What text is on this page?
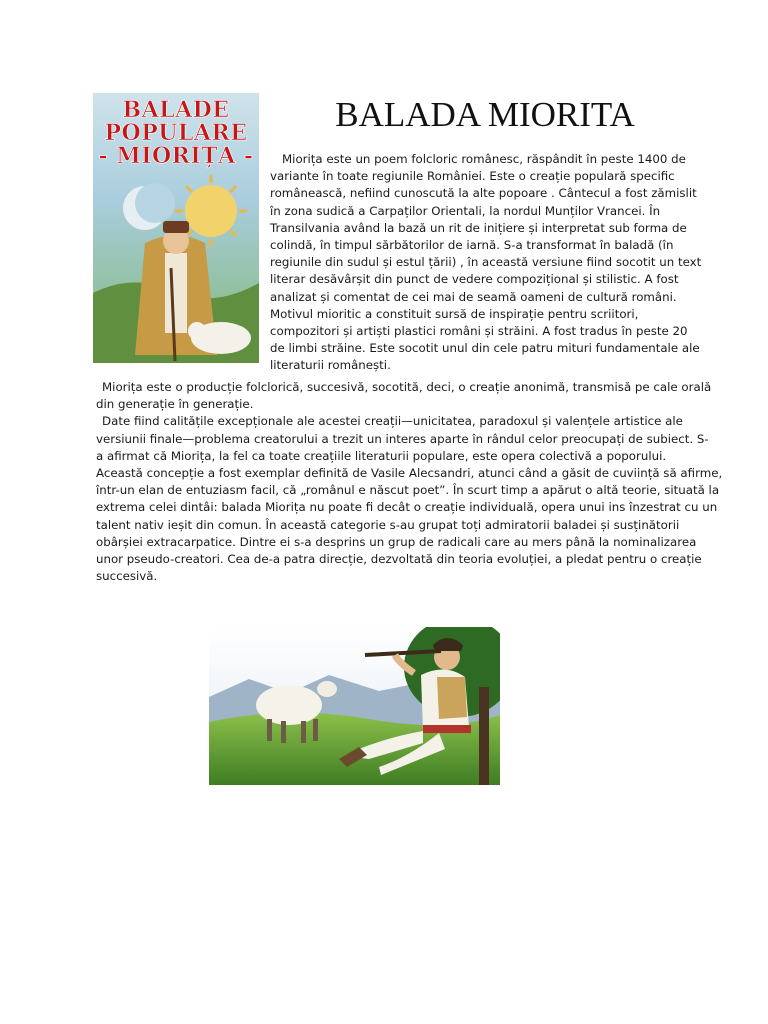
BALADE
POPULARE
- MIORIȚA -
BALADA MIORITA
Miorița este un poem folcloric românesc, răspândit în peste 1400 de
variante în toate regiunile României. Este o creație populară specific
românească, nefiind cunoscută la alte popoare . Cântecul a fost zămislit
în zona sudică a Carpaților Orientali, la nordul Munților Vrancei. În
Transilvania având la bază un rit de inițiere și interpretat sub forma de
colindă, în timpul sărbătorilor de iarnă. S-a transformat în baladă (în
regiunile din sudul și estul țării) , în această versiune fiind socotit un text
literar desăvârșit din punct de vedere compozițional și stilistic. A fost
analizat și comentat de cei mai de seamă oameni de cultură români.
Motivul mioritic a constituit sursă de inspirație pentru scriitori,
compozitori și artiști plastici români și străini. A fost tradus în peste 20
de limbi străine. Este socotit unul din cele patru mituri fundamentale ale
literaturii românești.
Miorița este o producție folclorică, succesivă, socotită, deci, o creație anonimă, transmisă pe cale orală
din generație în generație.
Date fiind calitățile excepționale ale acestei creații—unicitatea, paradoxul și valențele artistice ale
versiunii finale—problema creatorului a trezit un interes aparte în rândul celor preocupați de subiect. S-
a afirmat că Miorița, la fel ca toate creațiile literaturii populare, este opera colectivă a poporului.
Această concepție a fost exemplar definită de Vasile Alecsandri, atunci când a găsit de cuviință să afirme,
într-un elan de entuziasm facil, că „românul e născut poet”. În scurt timp a apărut o altă teorie, situată la
extrema celei dintâi: balada Miorița nu poate fi decât o creație individuală, opera unui ins înzestrat cu un
talent nativ ieșit din comun. În această categorie s-au grupat toți admiratorii baladei și susținătorii
obârșiei extracarpatice. Dintre ei s-a desprins un grup de radicali care au mers până la nominalizarea
unor pseudo-creatori. Cea de-a patra direcție, dezvoltată din teoria evoluției, a pledat pentru o creație
succesivă.
